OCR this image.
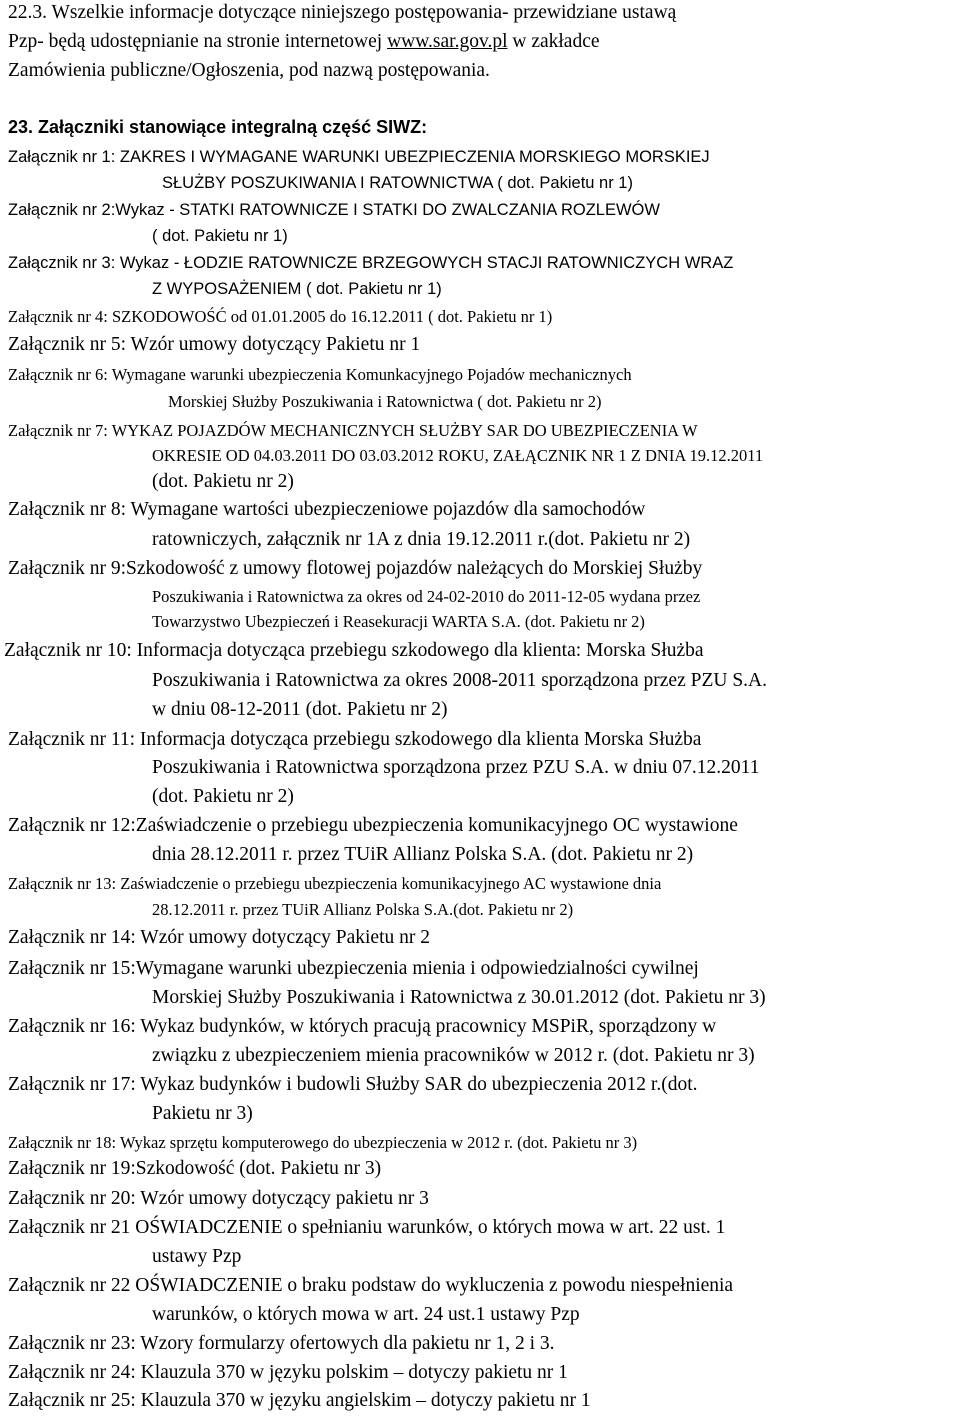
22.3. Wszelkie informacje dotyczące niniejszego postępowania- przewidziane ustawą
Pzp- będą udostępnianie na stronie internetowej www.sar.gov.pl w zakładce
Zamówienia publiczne/Ogłoszenia, pod nazwą postępowania.
23. Załączniki stanowiące integralną część SIWZ:
Załącznik nr 1: ZAKRES I WYMAGANE WARUNKI UBEZPIECZENIA MORSKIEGO MORSKIEJ
SŁUŻBY POSZUKIWANIA I RATOWNICTWA ( dot. Pakietu nr 1)
Załącznik nr 2:Wykaz - STATKI RATOWNICZE I STATKI DO ZWALCZANIA ROZLEWÓW
( dot. Pakietu nr 1)
Załącznik nr 3: Wykaz - ŁODZIE RATOWNICZE BRZEGOWYCH STACJI RATOWNICZYCH WRAZ
Z WYPOSAŻENIEM ( dot. Pakietu nr 1)
Załącznik nr 4: SZKODOWOŚĆ od 01.01.2005 do 16.12.2011 ( dot. Pakietu nr 1)
Załącznik nr 5: Wzór umowy dotyczący Pakietu nr 1
Załącznik nr 6: Wymagane warunki ubezpieczenia Komunkacyjnego Pojadów mechanicznych
Morskiej Służby Poszukiwania i Ratownictwa ( dot. Pakietu nr 2)
Załącznik nr 7: WYKAZ POJAZDÓW MECHANICZNYCH SŁUŻBY SAR DO UBEZPIECZENIA W
OKRESIE OD 04.03.2011 DO 03.03.2012 ROKU, ZAŁĄCZNIK NR 1 Z DNIA 19.12.2011
(dot. Pakietu nr 2)
Załącznik nr 8: Wymagane wartości ubezpieczeniowe pojazdów dla samochodów
ratowniczych, załącznik nr 1A z dnia 19.12.2011 r.(dot. Pakietu nr 2)
Załącznik nr 9:Szkodowość z umowy flotowej pojazdów należących do Morskiej Służby
Poszukiwania i Ratownictwa za okres od 24-02-2010 do 2011-12-05 wydana przez
Towarzystwo Ubezpieczeń i Reasekuracji WARTA S.A. (dot. Pakietu nr 2)
Załącznik nr 10: Informacja dotycząca przebiegu szkodowego dla klienta: Morska Służba
Poszukiwania i Ratownictwa za okres 2008-2011 sporządzona przez PZU S.A.
w dniu 08-12-2011 (dot. Pakietu nr 2)
Załącznik nr 11: Informacja dotycząca przebiegu szkodowego dla klienta Morska Służba
Poszukiwania i Ratownictwa sporządzona przez PZU S.A. w dniu 07.12.2011
(dot. Pakietu nr 2)
Załącznik nr 12:Zaświadczenie o przebiegu ubezpieczenia komunikacyjnego OC wystawione
dnia 28.12.2011 r. przez TUiR Allianz Polska S.A. (dot. Pakietu nr 2)
Załącznik nr 13: Zaświadczenie o przebiegu ubezpieczenia komunikacyjnego AC wystawione dnia
28.12.2011 r. przez TUiR Allianz Polska S.A.(dot. Pakietu nr 2)
Załącznik nr 14: Wzór umowy dotyczący Pakietu nr 2
Załącznik nr 15:Wymagane warunki ubezpieczenia mienia i odpowiedzialności cywilnej
Morskiej Służby Poszukiwania i Ratownictwa z 30.01.2012 (dot. Pakietu nr 3)
Załącznik nr 16: Wykaz budynków, w których pracują pracownicy MSPiR, sporządzony w
związku z ubezpieczeniem mienia pracowników w 2012 r. (dot. Pakietu nr 3)
Załącznik nr 17: Wykaz budynków i budowli Służby SAR do ubezpieczenia 2012 r.(dot.
Pakietu nr 3)
Załącznik nr 18: Wykaz sprzętu komputerowego do ubezpieczenia w 2012 r. (dot. Pakietu nr 3)
Załącznik nr 19:Szkodowość (dot. Pakietu nr 3)
Załącznik nr 20: Wzór umowy dotyczący pakietu nr 3
Załącznik nr 21 OŚWIADCZENIE o spełnianiu warunków, o których mowa w art. 22 ust. 1
ustawy Pzp
Załącznik nr 22 OŚWIADCZENIE o braku podstaw do wykluczenia z powodu niespełnienia
warunków, o których mowa w art. 24 ust.1 ustawy Pzp
Załącznik nr 23: Wzory formularzy ofertowych dla pakietu nr 1, 2 i 3.
Załącznik nr 24: Klauzula 370 w języku polskim – dotyczy pakietu nr 1
Załącznik nr 25: Klauzula 370 w języku angielskim – dotyczy pakietu nr 1
